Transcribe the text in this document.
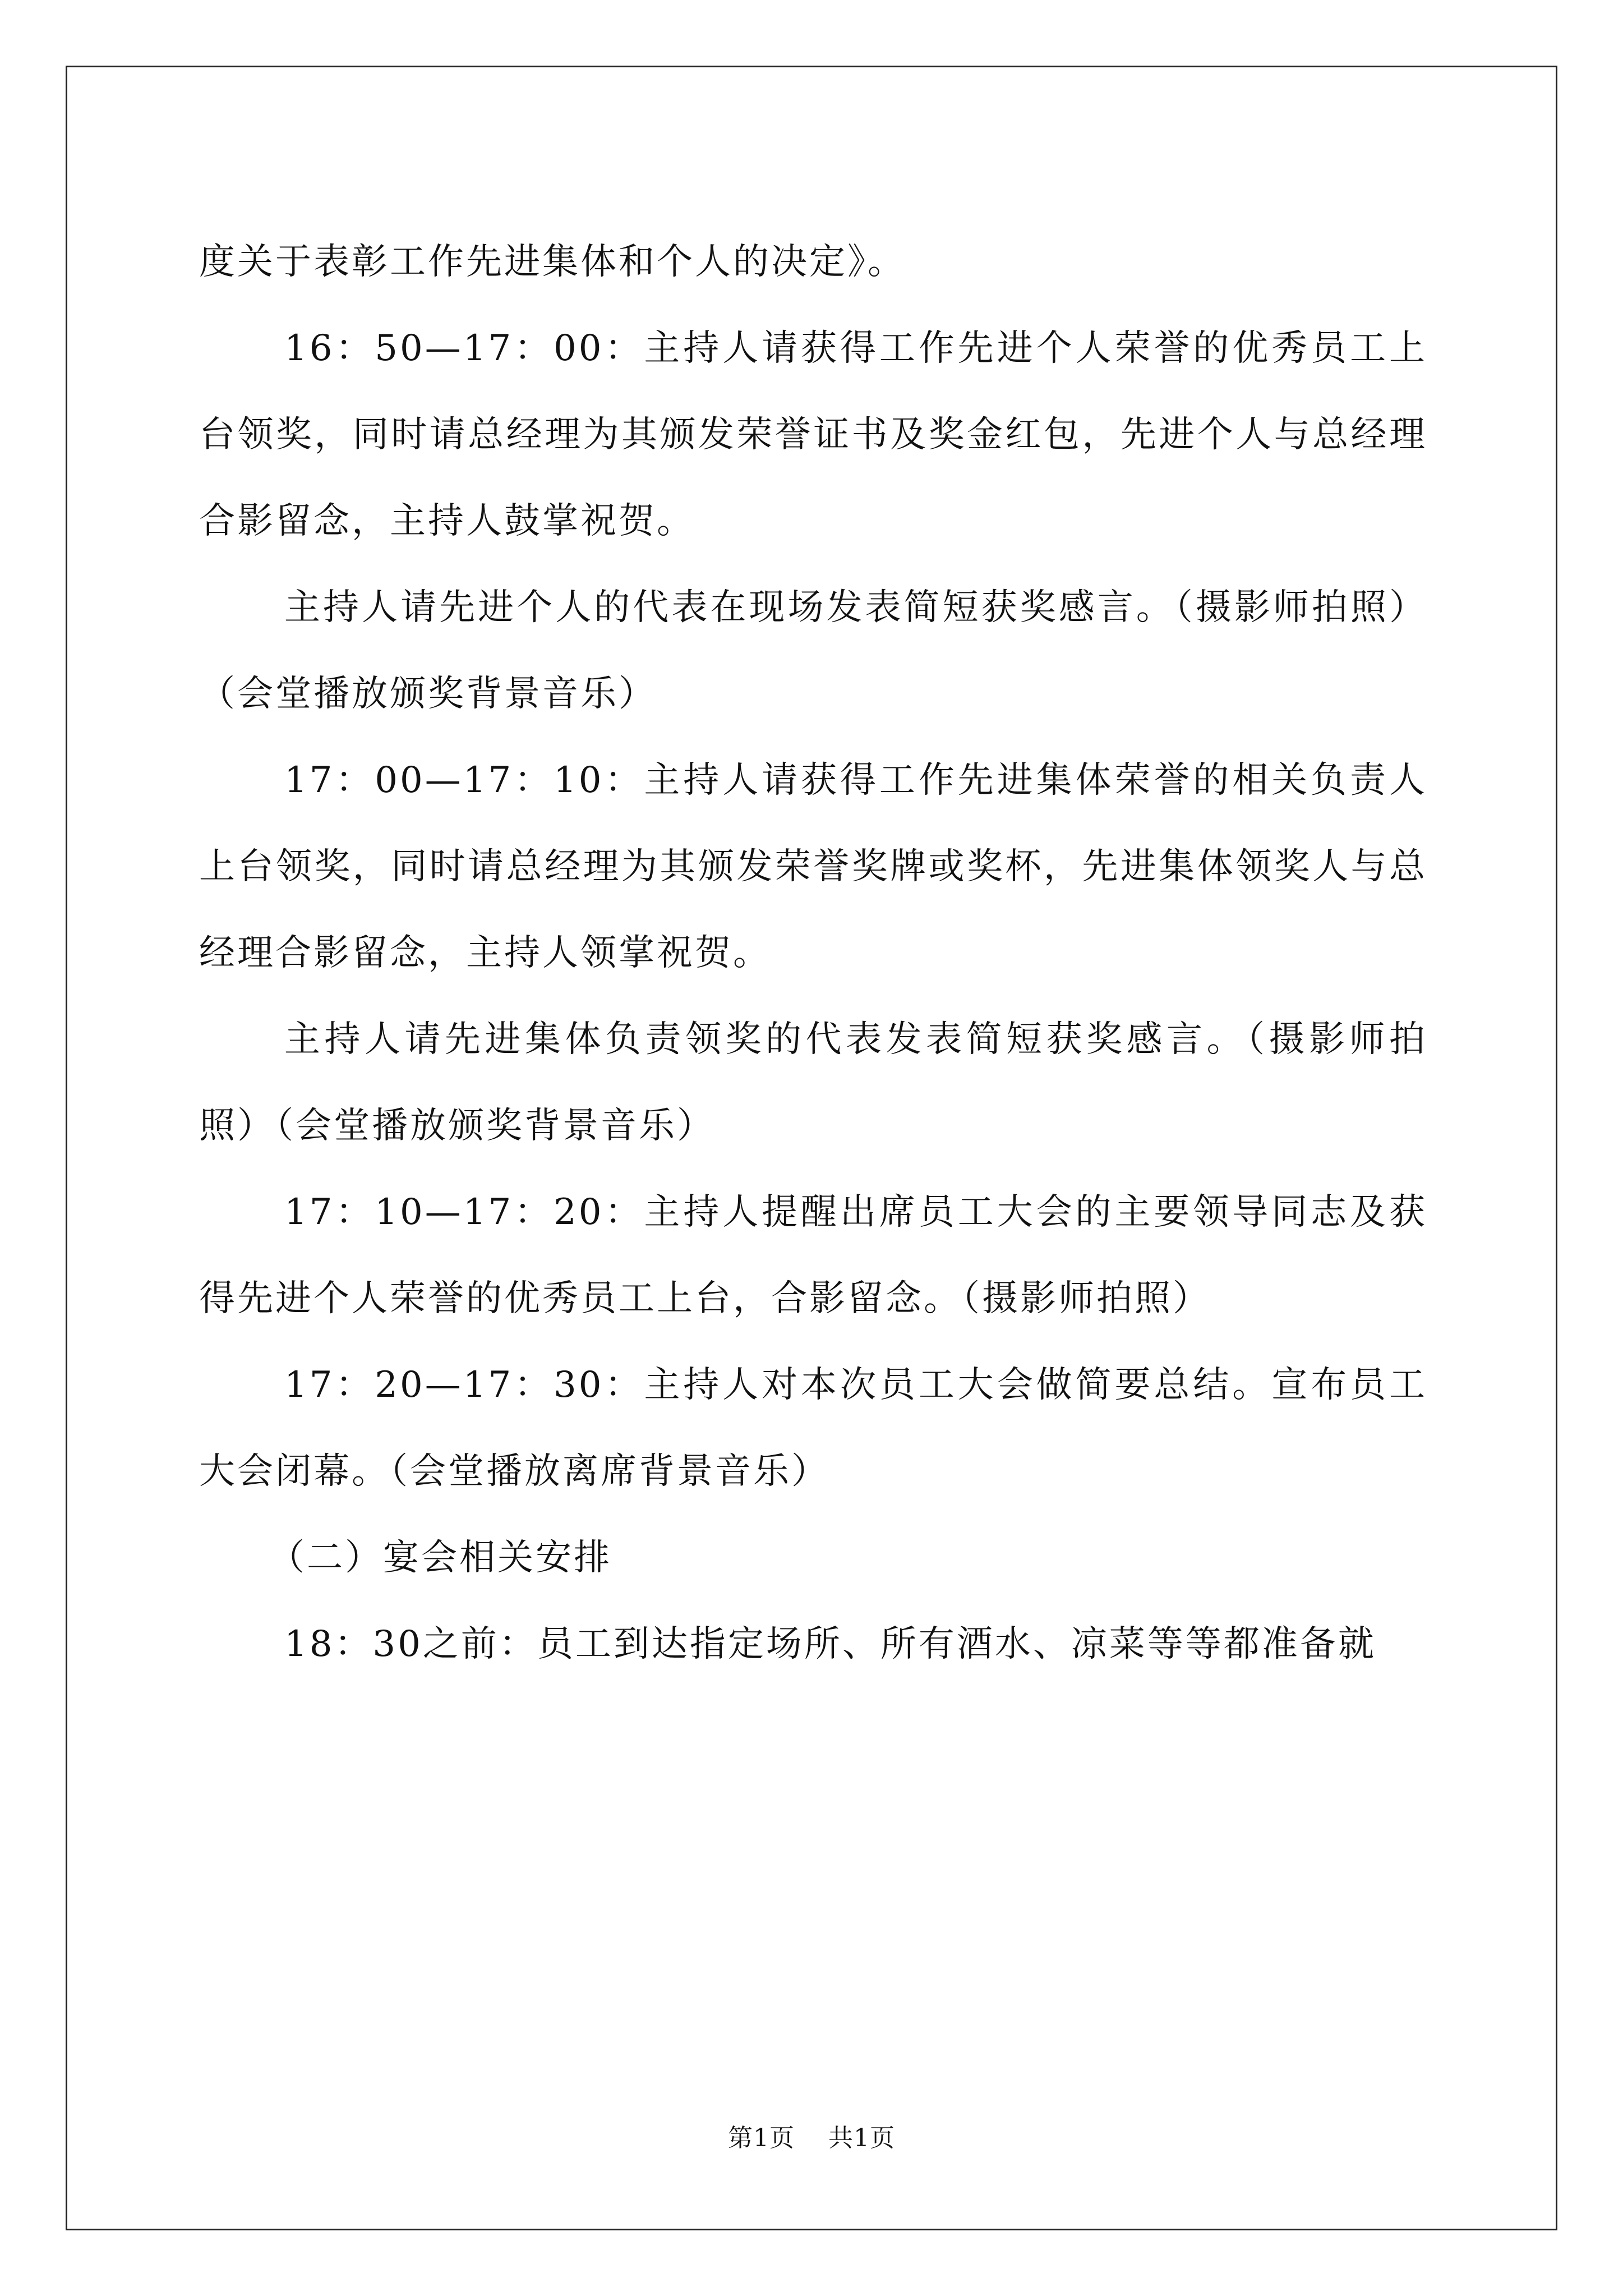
度关于表彰工作先进集体和个人的决定》。

16：50—17：00：主持人请获得工作先进个人荣誉的优秀员工上台领奖，同时请总经理为其颁发荣誉证书及奖金红包，先进个人与总经理合影留念，主持人鼓掌祝贺。

主持人请先进个人的代表在现场发表简短获奖感言。（摄影师拍照）（会堂播放颁奖背景音乐）

17：00—17：10：主持人请获得工作先进集体荣誉的相关负责人上台领奖，同时请总经理为其颁发荣誉奖牌或奖杯，先进集体领奖人与总经理合影留念，主持人领掌祝贺。

主持人请先进集体负责领奖的代表发表简短获奖感言。（摄影师拍照）（会堂播放颁奖背景音乐）

17：10—17：20：主持人提醒出席员工大会的主要领导同志及获得先进个人荣誉的优秀员工上台，合影留念。（摄影师拍照）

17：20—17：30：主持人对本次员工大会做简要总结。宣布员工大会闭幕。（会堂播放离席背景音乐）

（二）宴会相关安排

18：30之前：员工到达指定场所、所有酒水、凉菜等等都准备就

第1页 共1页
